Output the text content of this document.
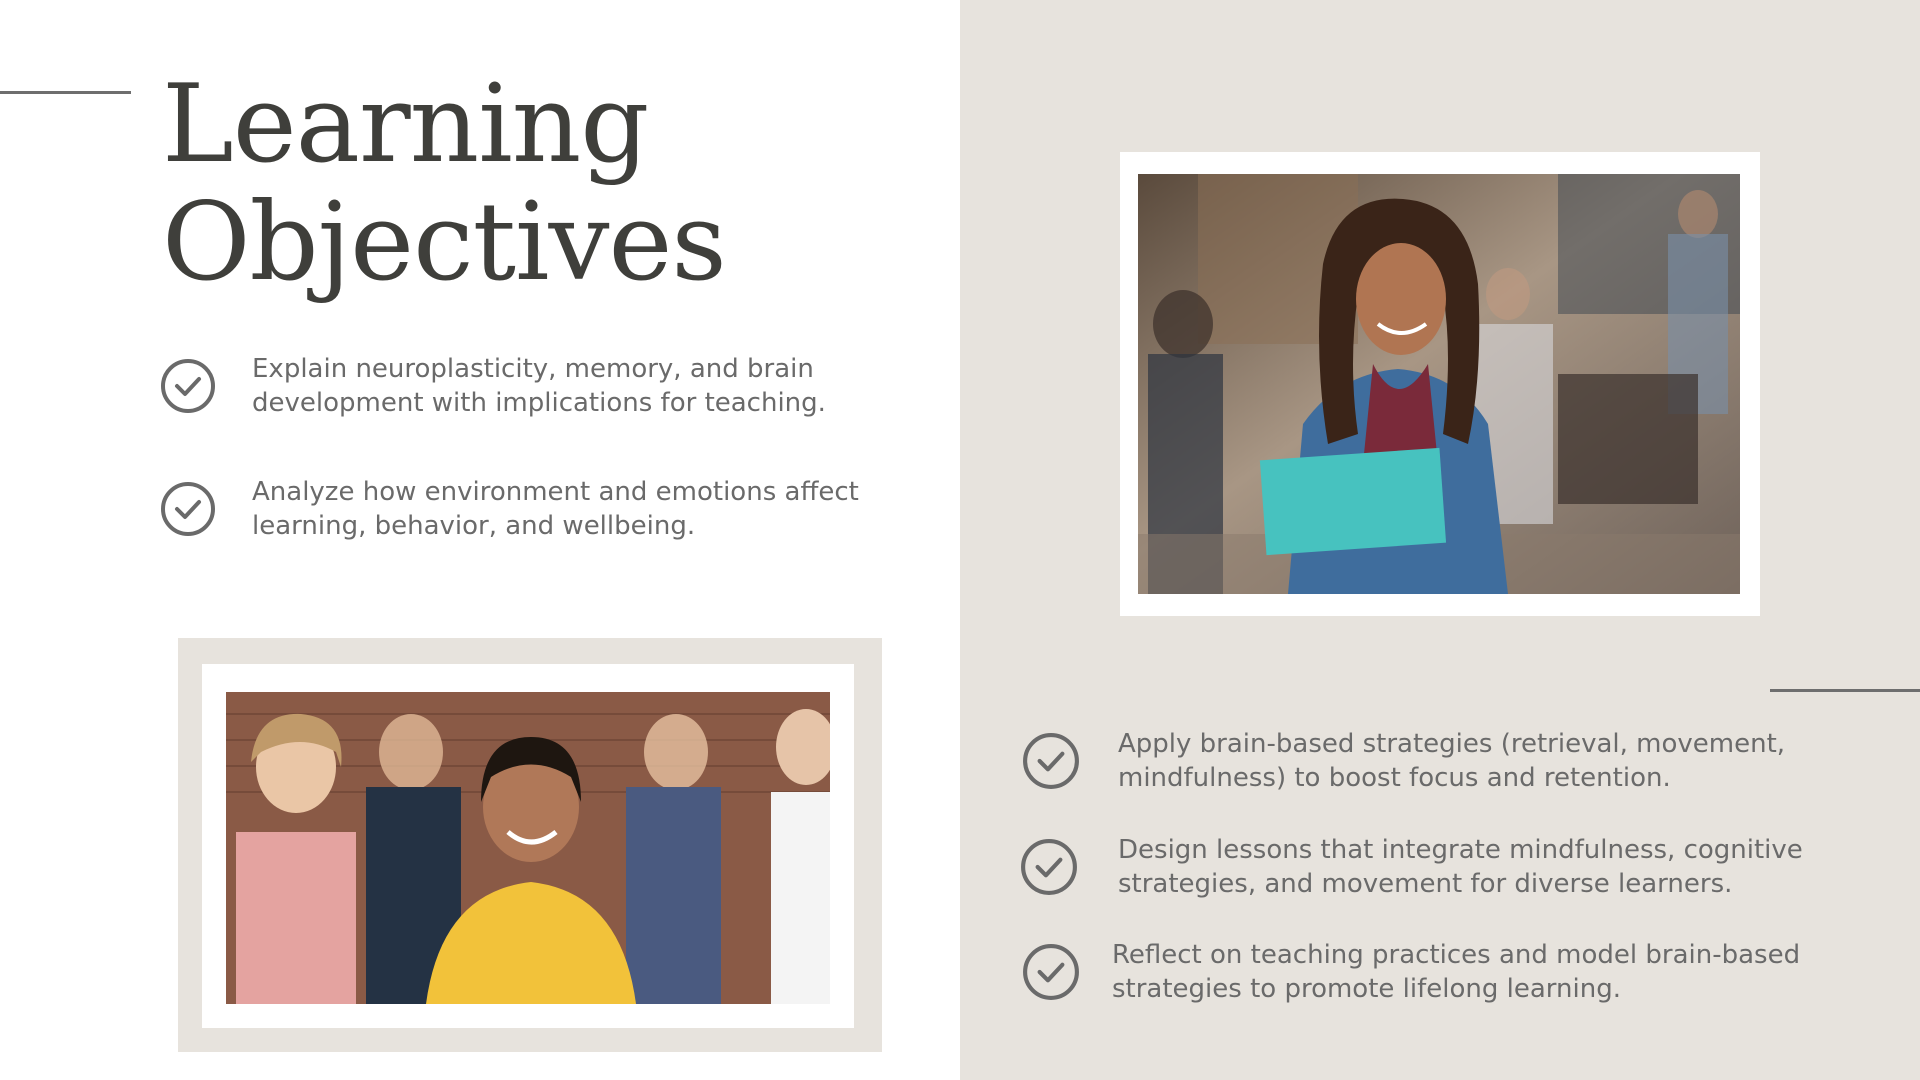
Learning
Objectives

Explain neuroplasticity, memory, and brain

development with implications for teaching.

Analyze how environment and emotions affect

learning, behavior, and wellbeing.

Apply brain-based strategies (retrieval, movement,

mindfulness) to boost focus and retention.

Design lessons that integrate mindfulness, cognitive

strategies, and movement for diverse learners.

Reflect on teaching practices and model brain-based

strategies to promote lifelong learning.
